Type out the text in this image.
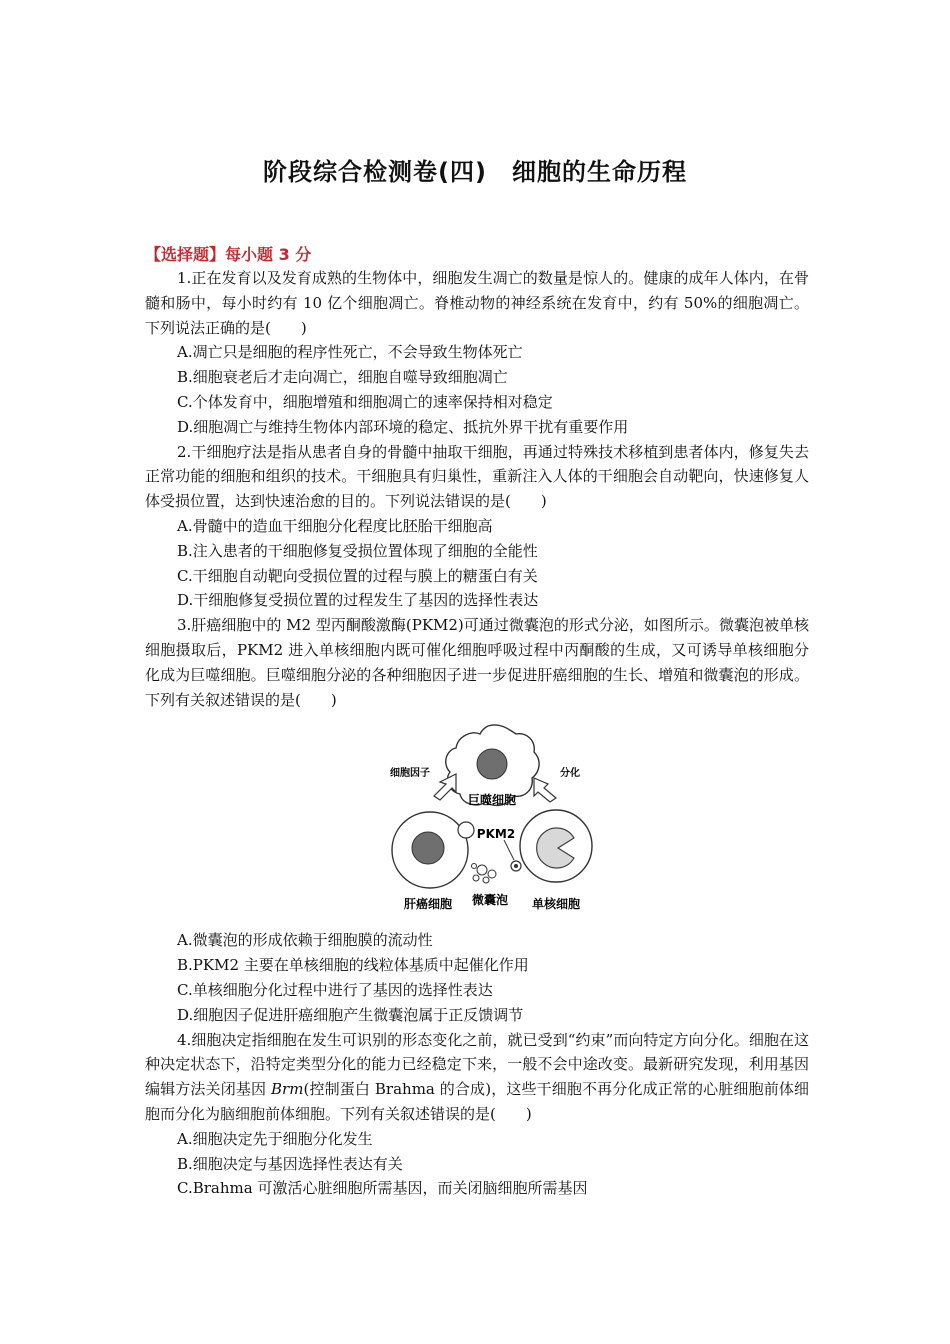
阶段综合检测卷(四)　细胞的生命历程
【选择题】每小题 3 分

1.正在发育以及发育成熟的生物体中，细胞发生凋亡的数量是惊人的。健康的成年人体内，在骨髓和肠中，每小时约有 10 亿个细胞凋亡。脊椎动物的神经系统在发育中，约有 50%的细胞凋亡。下列说法正确的是(　　)

A.凋亡只是细胞的程序性死亡，不会导致生物体死亡

B.细胞衰老后才走向凋亡，细胞自噬导致细胞凋亡

C.个体发育中，细胞增殖和细胞凋亡的速率保持相对稳定

D.细胞凋亡与维持生物体内部环境的稳定、抵抗外界干扰有重要作用

2.干细胞疗法是指从患者自身的骨髓中抽取干细胞，再通过特殊技术移植到患者体内，修复失去正常功能的细胞和组织的技术。干细胞具有归巢性，重新注入人体的干细胞会自动靶向，快速修复人体受损位置，达到快速治愈的目的。下列说法错误的是(　　)

A.骨髓中的造血干细胞分化程度比胚胎干细胞高

B.注入患者的干细胞修复受损位置体现了细胞的全能性

C.干细胞自动靶向受损位置的过程与膜上的糖蛋白有关

D.干细胞修复受损位置的过程发生了基因的选择性表达

3.肝癌细胞中的 M2 型丙酮酸激酶(PKM2)可通过微囊泡的形式分泌，如图所示。微囊泡被单核细胞摄取后，PKM2 进入单核细胞内既可催化细胞呼吸过程中丙酮酸的生成，又可诱导单核细胞分化成为巨噬细胞。巨噬细胞分泌的各种细胞因子进一步促进肝癌细胞的生长、增殖和微囊泡的形成。下列有关叙述错误的是(　　)

巨噬细胞
细胞因子	分化
肝癌细胞
PKM2
微囊泡 单核细胞

A.微囊泡的形成依赖于细胞膜的流动性

B.PKM2 主要在单核细胞的线粒体基质中起催化作用

C.单核细胞分化过程中进行了基因的选择性表达

D.细胞因子促进肝癌细胞产生微囊泡属于正反馈调节

4.细胞决定指细胞在发生可识别的形态变化之前，就已受到“约束”而向特定方向分化。细胞在这种决定状态下，沿特定类型分化的能力已经稳定下来，一般不会中途改变。最新研究发现，利用基因编辑方法关闭基因 Brm(控制蛋白 Brahma 的合成)，这些干细胞不再分化成正常的心脏细胞前体细胞而分化为脑细胞前体细胞。下列有关叙述错误的是(　　)

A.细胞决定先于细胞分化发生

B.细胞决定与基因选择性表达有关

C.Brahma 可激活心脏细胞所需基因，而关闭脑细胞所需基因
